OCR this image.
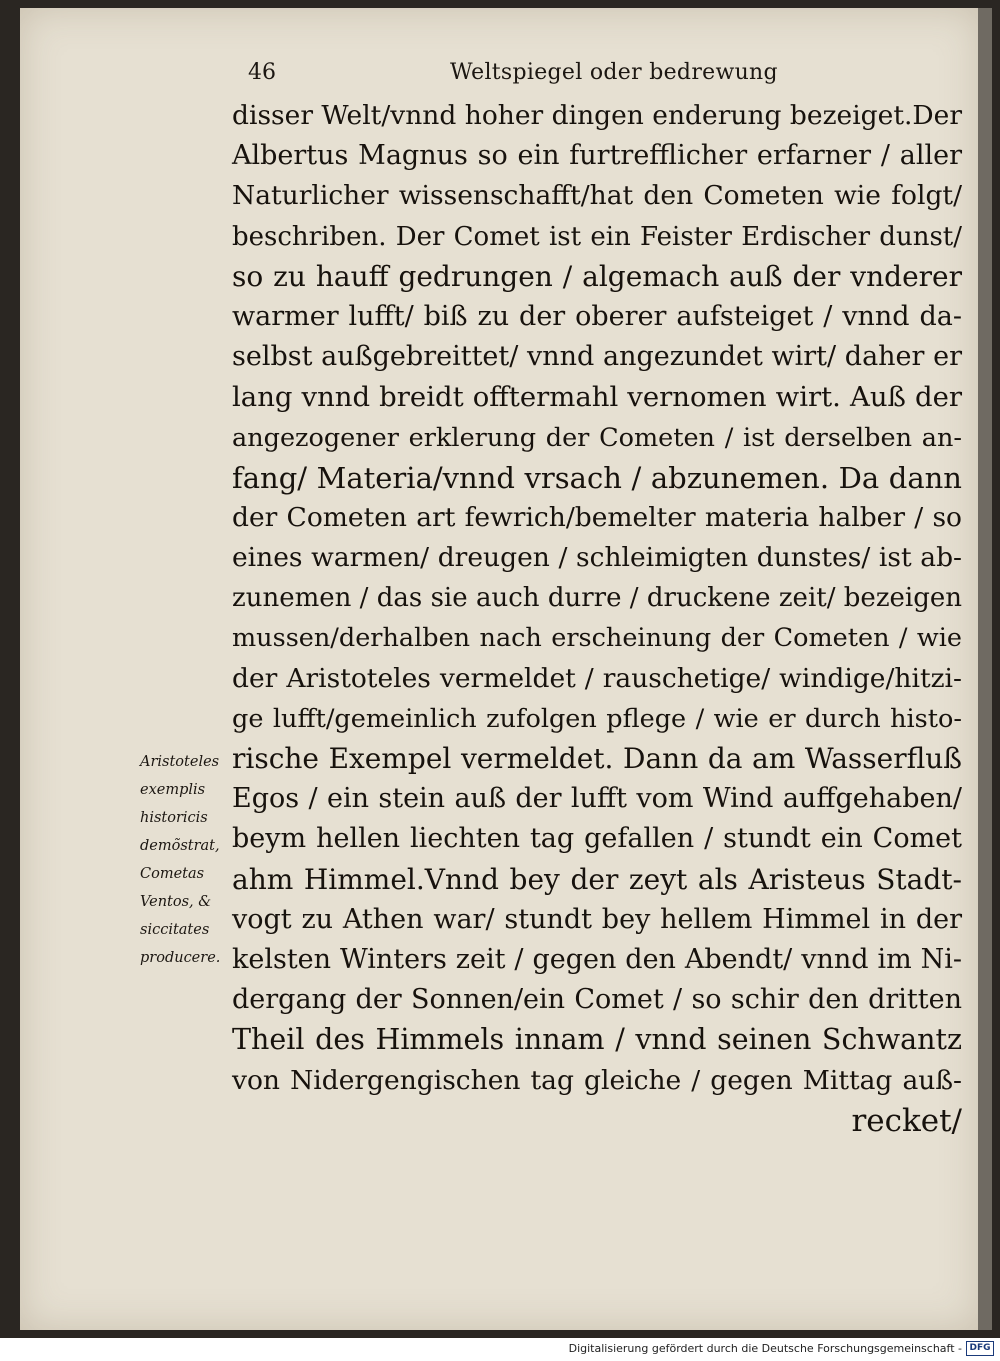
46	Weltspiegel oder bedrewung
disser Welt/vnnd hoher dingen enderung bezeiget.Der
Albertus Magnus so ein furtrefflicher erfarner / aller
Naturlicher wissenschafft/hat den Cometen wie folgt/
beschriben. Der Comet ist ein Feister Erdischer dunst/
so zu hauff gedrungen / algemach auß der vnderer
warmer lufft/ biß zu der oberer aufsteiget / vnnd da-
selbst außgebreittet/ vnnd angezundet wirt/ daher er
lang vnnd breidt offtermahl vernomen wirt. Auß der
angezogener erklerung der Cometen / ist derselben an-
fang/ Materia/vnnd vrsach / abzunemen. Da dann
der Cometen art fewrich/bemelter materia halber / so
eines warmen/ dreugen / schleimigten dunstes/ ist ab-
zunemen / das sie auch durre / druckene zeit/ bezeigen
mussen/derhalben nach erscheinung der Cometen / wie
der Aristoteles vermeldet / rauschetige/ windige/hitzi-
ge lufft/gemeinlich zufolgen pflege / wie er durch histo-
rische Exempel vermeldet. Dann da am Wasserfluß
Egos / ein stein auß der lufft vom Wind auffgehaben/
beym hellen liechten tag gefallen / stundt ein Comet
ahm Himmel.Vnnd bey der zeyt als Aristeus Stadt-
vogt zu Athen war/ stundt bey hellem Himmel in der
kelsten Winters zeit / gegen den Abendt/ vnnd im Ni-
dergang der Sonnen/ein Comet / so schir den dritten
Theil des Himmels innam / vnnd seinen Schwantz
von Nidergengischen tag gleiche / gegen Mittag auß-
recket/
Aristoteles
exemplis
historicis
demõstrat,
Cometas
Ventos, &
siccitates
producere.
Digitalisierung gefördert durch die Deutsche Forschungsgemeinschaft - DFG
